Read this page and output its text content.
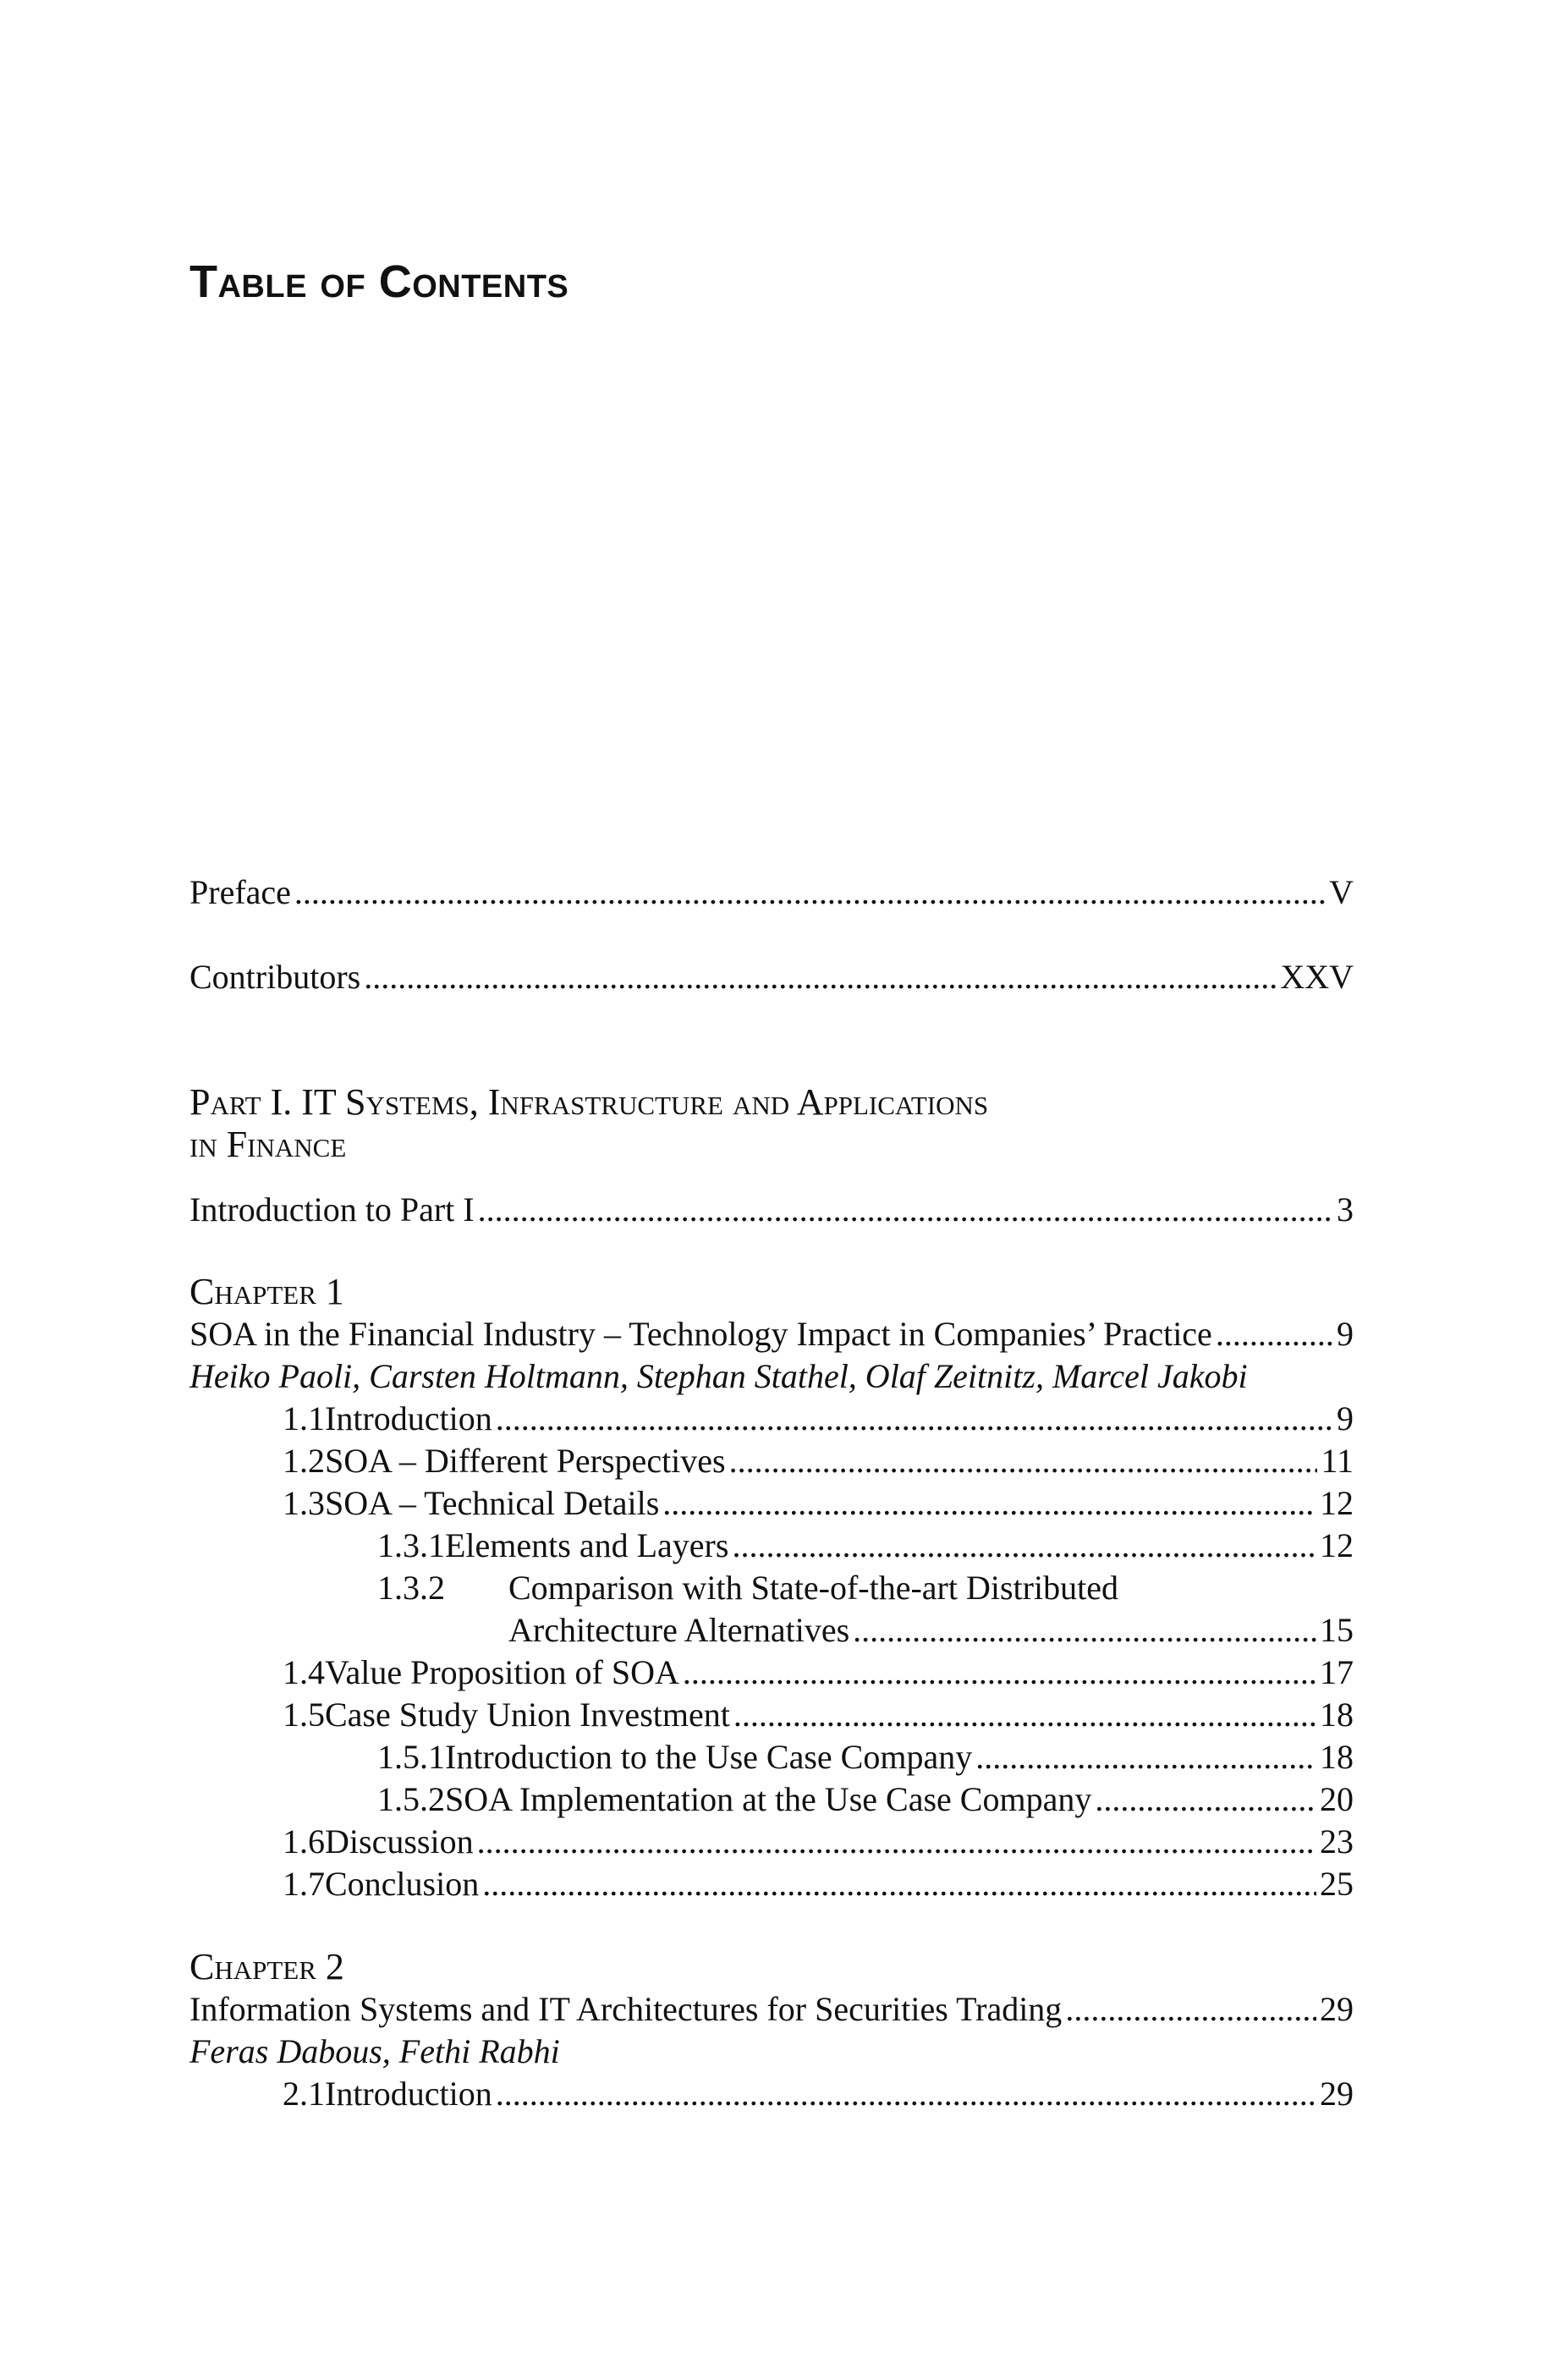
Table of Contents
Preface . . .	V
Contributors . . .	XXV
Part I. IT Systems, Infrastructure and Applications
in Finance
Introduction to Part I . . .	3
Chapter 1
SOA in the Financial Industry – Technology Impact in Companies’ Practice . . .	9
Heiko Paoli, Carsten Holtmann, Stephan Stathel, Olaf Zeitnitz, Marcel Jakobi
1.1 Introduction . . .	9
1.2 SOA – Different Perspectives . . .	11
1.3 SOA – Technical Details . . .	12
1.3.1 Elements and Layers . . .	12
1.3.2	Comparison with State-of-the-art Distributed
Architecture Alternatives . . .	15
1.4 Value Proposition of SOA . . .	17
1.5 Case Study Union Investment . . .	18
1.5.1 Introduction to the Use Case Company . . .	18
1.5.2 SOA Implementation at the Use Case Company . . .	20
1.6 Discussion . . .	23
1.7 Conclusion . . .	25
Chapter 2
Information Systems and IT Architectures for Securities Trading . . .	29
Feras Dabous, Fethi Rabhi
2.1 Introduction . . .	29
